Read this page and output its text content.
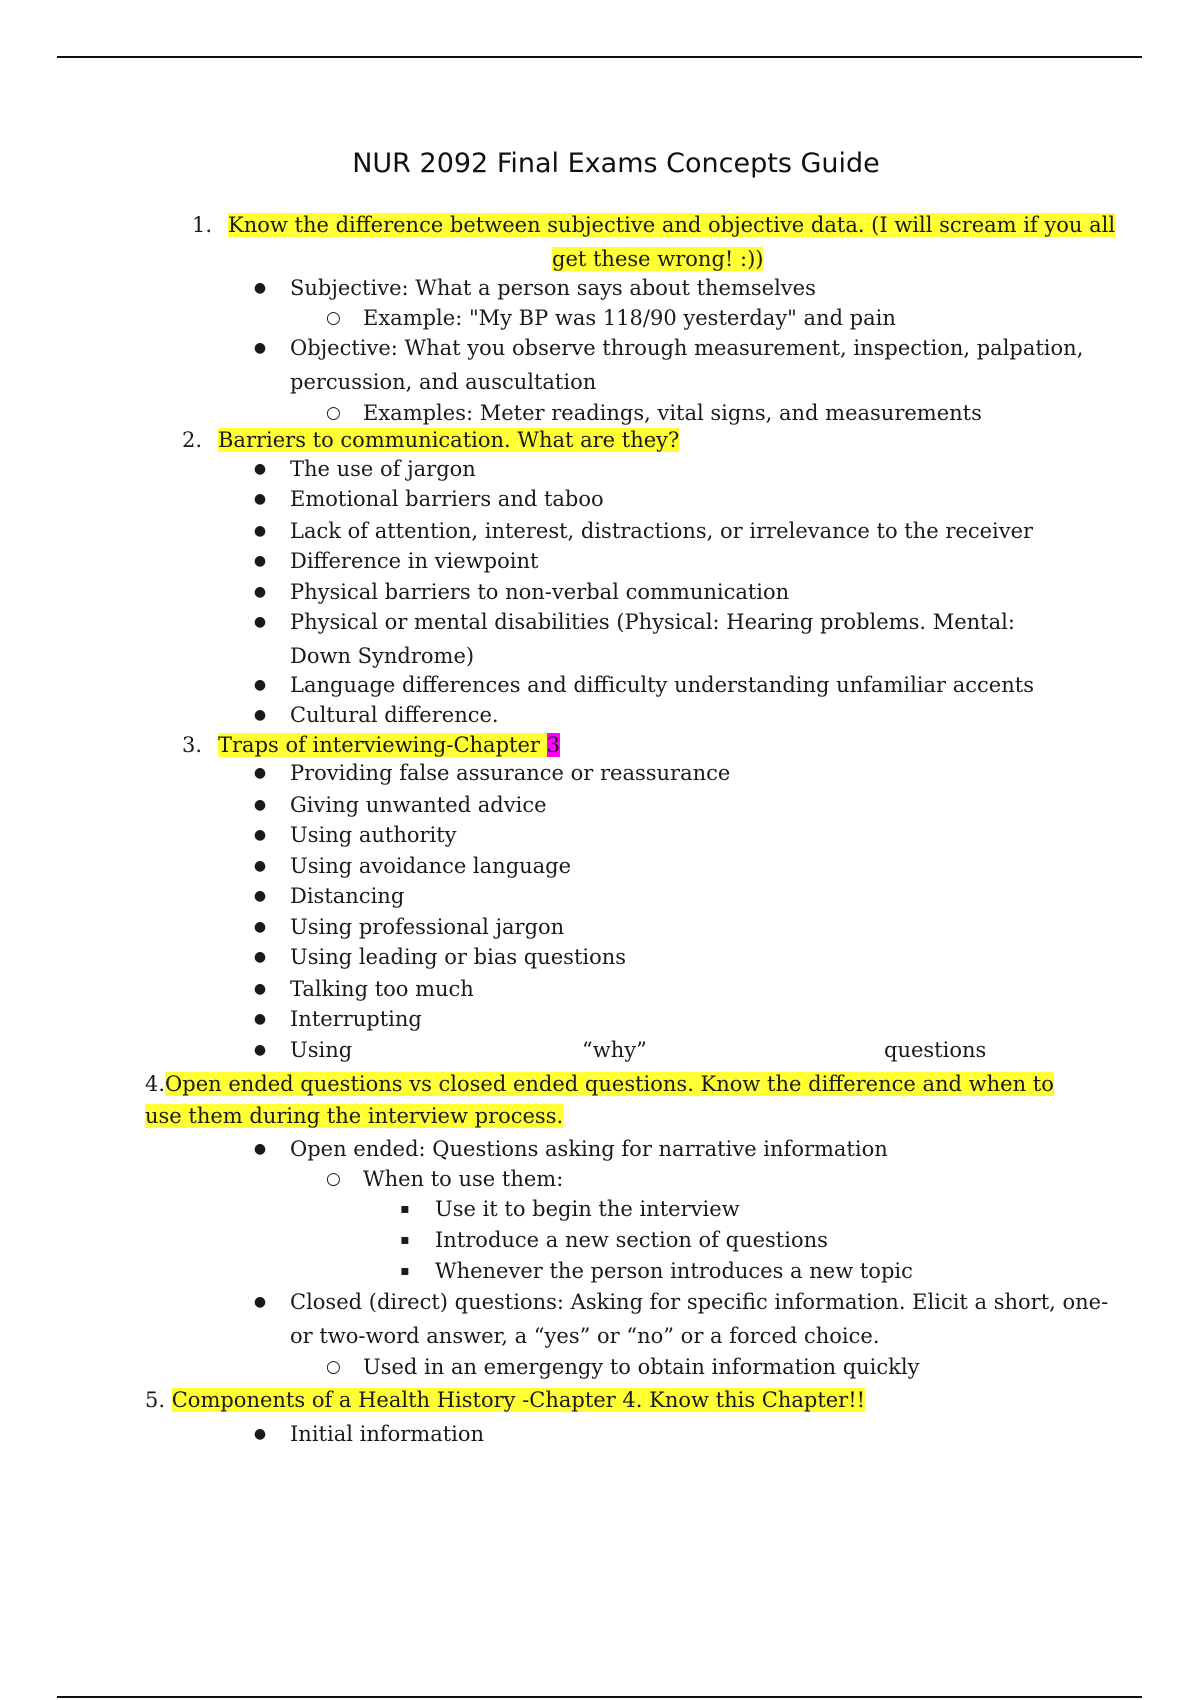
NUR 2092 Final Exams Concepts Guide
1. Know the difference between subjective and objective data. (I will scream if you all
get these wrong! :))
● Subjective: What a person says about themselves
○ Example: "My BP was 118/90 yesterday" and pain
● Objective: What you observe through measurement, inspection, palpation,
percussion, and auscultation
○ Examples: Meter readings, vital signs, and measurements
2. Barriers to communication. What are they?
● The use of jargon
● Emotional barriers and taboo
● Lack of attention, interest, distractions, or irrelevance to the receiver
● Difference in viewpoint
● Physical barriers to non-verbal communication
● Physical or mental disabilities (Physical: Hearing problems. Mental:
Down Syndrome)
● Language differences and difficulty understanding unfamiliar accents
● Cultural difference.
3. Traps of interviewing-Chapter 3
● Providing false assurance or reassurance
● Giving unwanted advice
● Using authority
● Using avoidance language
● Distancing
● Using professional jargon
● Using leading or bias questions
● Talking too much
● Interrupting
● Using	“why”	questions
4.Open ended questions vs closed ended questions. Know the difference and when to
use them during the interview process.
● Open ended: Questions asking for narrative information
○ When to use them:
▪ Use it to begin the interview
▪ Introduce a new section of questions
▪ Whenever the person introduces a new topic
● Closed (direct) questions: Asking for specific information. Elicit a short, one-
or two-word answer, a “yes” or “no” or a forced choice.
○ Used in an emergengy to obtain information quickly
5. Components of a Health History -Chapter 4. Know this Chapter!!
● Initial information
